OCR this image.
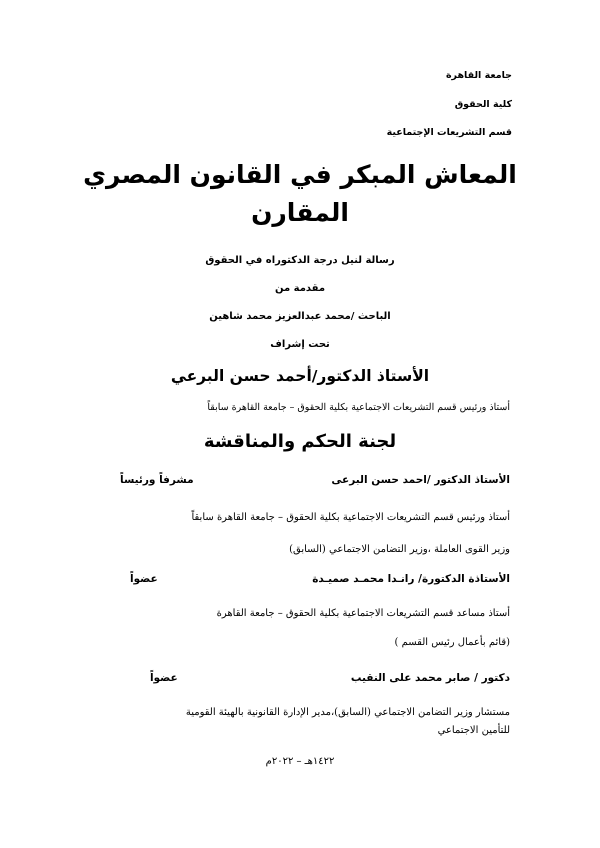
جامعة القاهرة
كلية الحقوق
قسم التشريعات الإجتماعية
المعاش المبكر في القانون المصري
المقارن
رسالة لنيل درجة الدكتوراه في الحقوق
مقدمة من
الباحث /محمد عبدالعزيز محمد شاهين
تحت إشراف
الأستاذ الدكتور/أحمد حسن البرعي
أستاذ ورئيس قسم التشريعات الاجتماعية بكلية الحقوق – جامعة القاهرة سابقاً
لجنة الحكم والمناقشة
الأستاذ الدكتور /احمد حسن البرعى
مشرفاً ورئيساً
أستاذ ورئيس قسم التشريعات الاجتماعية بكلية الحقوق – جامعة القاهرة سابقاً
وزير القوى العاملة ،وزير التضامن الاجتماعي (السابق)
الأستاذة الدكتورة/ رانـدا محمـد صميـدة
عضواً
أستاذ مساعد قسم التشريعات الاجتماعية بكلية الحقوق – جامعة القاهرة
(قائم بأعمال رئيس القسم )
دكتور / صابر محمد على النقيب
عضواً
مستشار وزير التضامن الاجتماعي (السابق)،مدير الإدارة القانونية بالهيئة القومية
للتأمين الاجتماعي
١٤٢٢هـ – ٢٠٢٢م
